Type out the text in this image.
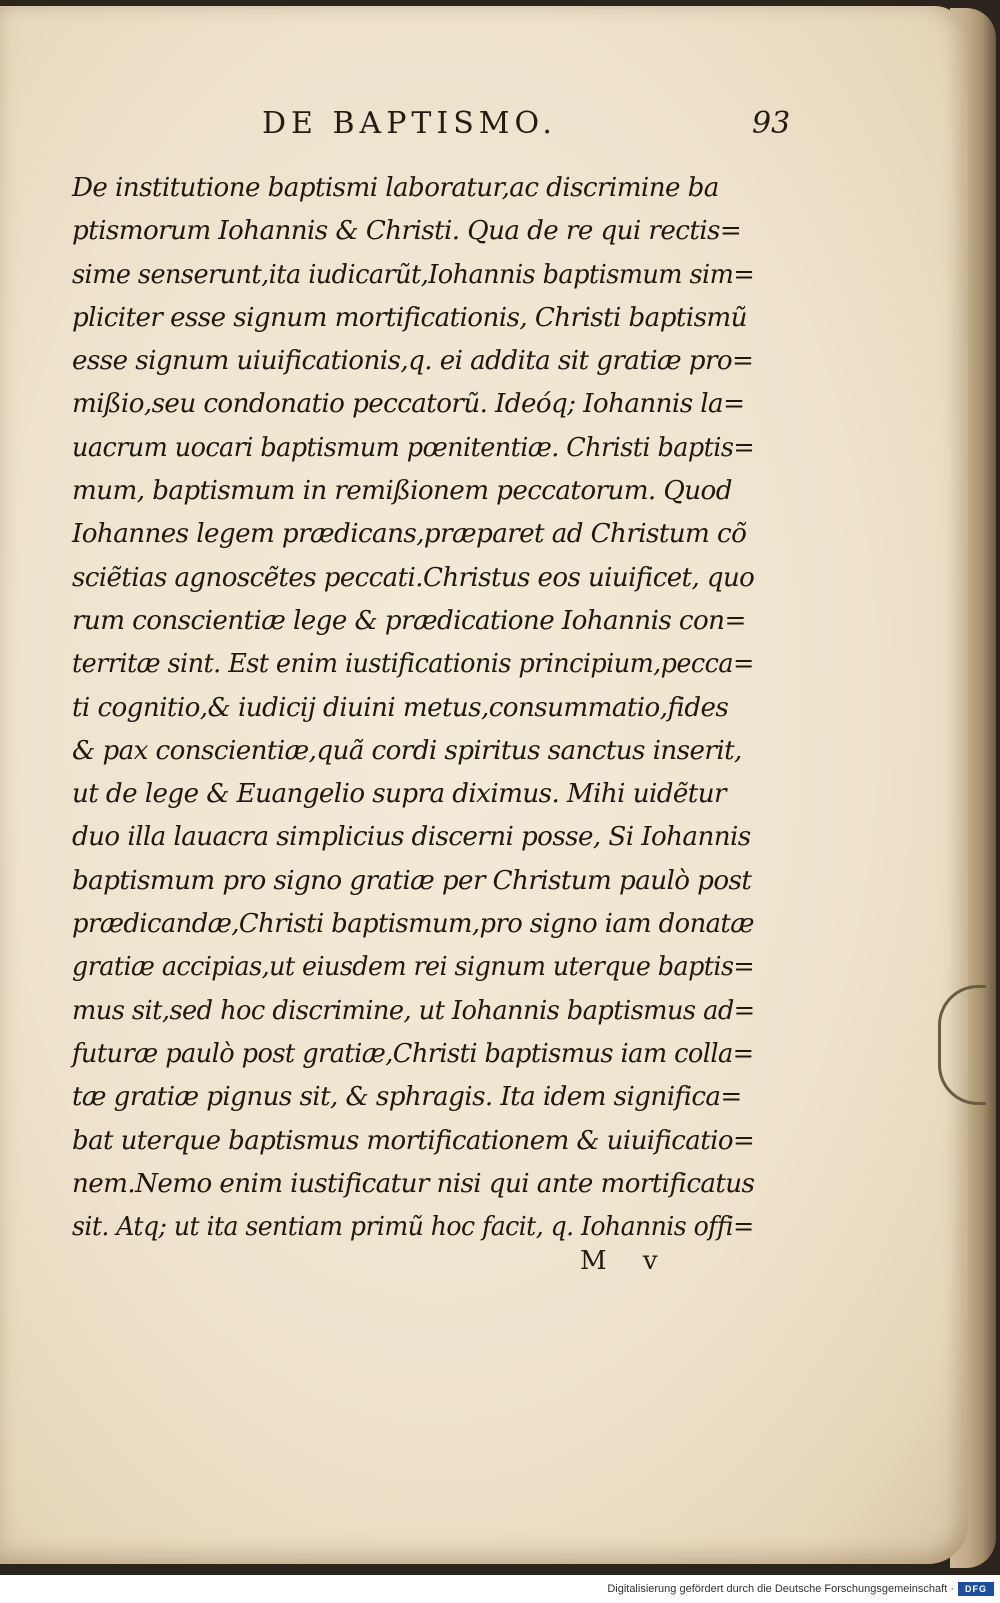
DE BAPTISMO.	93
De institutione baptismi laboratur,ac discrimine ba
ptismorum Iohannis & Christi. Qua de re qui rectis=
sime senserunt,ita iudicarũt,Iohannis baptismum sim=
pliciter esse signum mortificationis, Christi baptismũ
esse signum uiuificationis,q. ei addita sit gratiæ pro=
mißio,seu condonatio peccatorũ. Ideóq; Iohannis la=
uacrum uocari baptismum pœnitentiæ. Christi baptis=
mum, baptismum in remißionem peccatorum. Quod
Iohannes legem prædicans,præparet ad Christum cõ
sciẽtias agnoscẽtes peccati.Christus eos uiuificet, quo
rum conscientiæ lege & prædicatione Iohannis con=
territæ sint. Est enim iustificationis principium,pecca=
ti cognitio,& iudicij diuini metus,consummatio,fides
& pax conscientiæ,quã cordi spiritus sanctus inserit,
ut de lege & Euangelio supra diximus. Mihi uidẽtur
duo illa lauacra simplicius discerni posse, Si Iohannis
baptismum pro signo gratiæ per Christum paulò post
prædicandæ,Christi baptismum,pro signo iam donatæ
gratiæ accipias,ut eiusdem rei signum uterque baptis=
mus sit,sed hoc discrimine, ut Iohannis baptismus ad=
futuræ paulò post gratiæ,Christi baptismus iam colla=
tæ gratiæ pignus sit, & sphragis. Ita idem significa=
bat uterque baptismus mortificationem & uiuificatio=
nem.Nemo enim iustificatur nisi qui ante mortificatus
sit. Atq; ut ita sentiam primũ hoc facit, q. Iohannis offi=
M v
Digitalisierung gefördert durch die Deutsche Forschungsgemeinschaft ·	DFG
